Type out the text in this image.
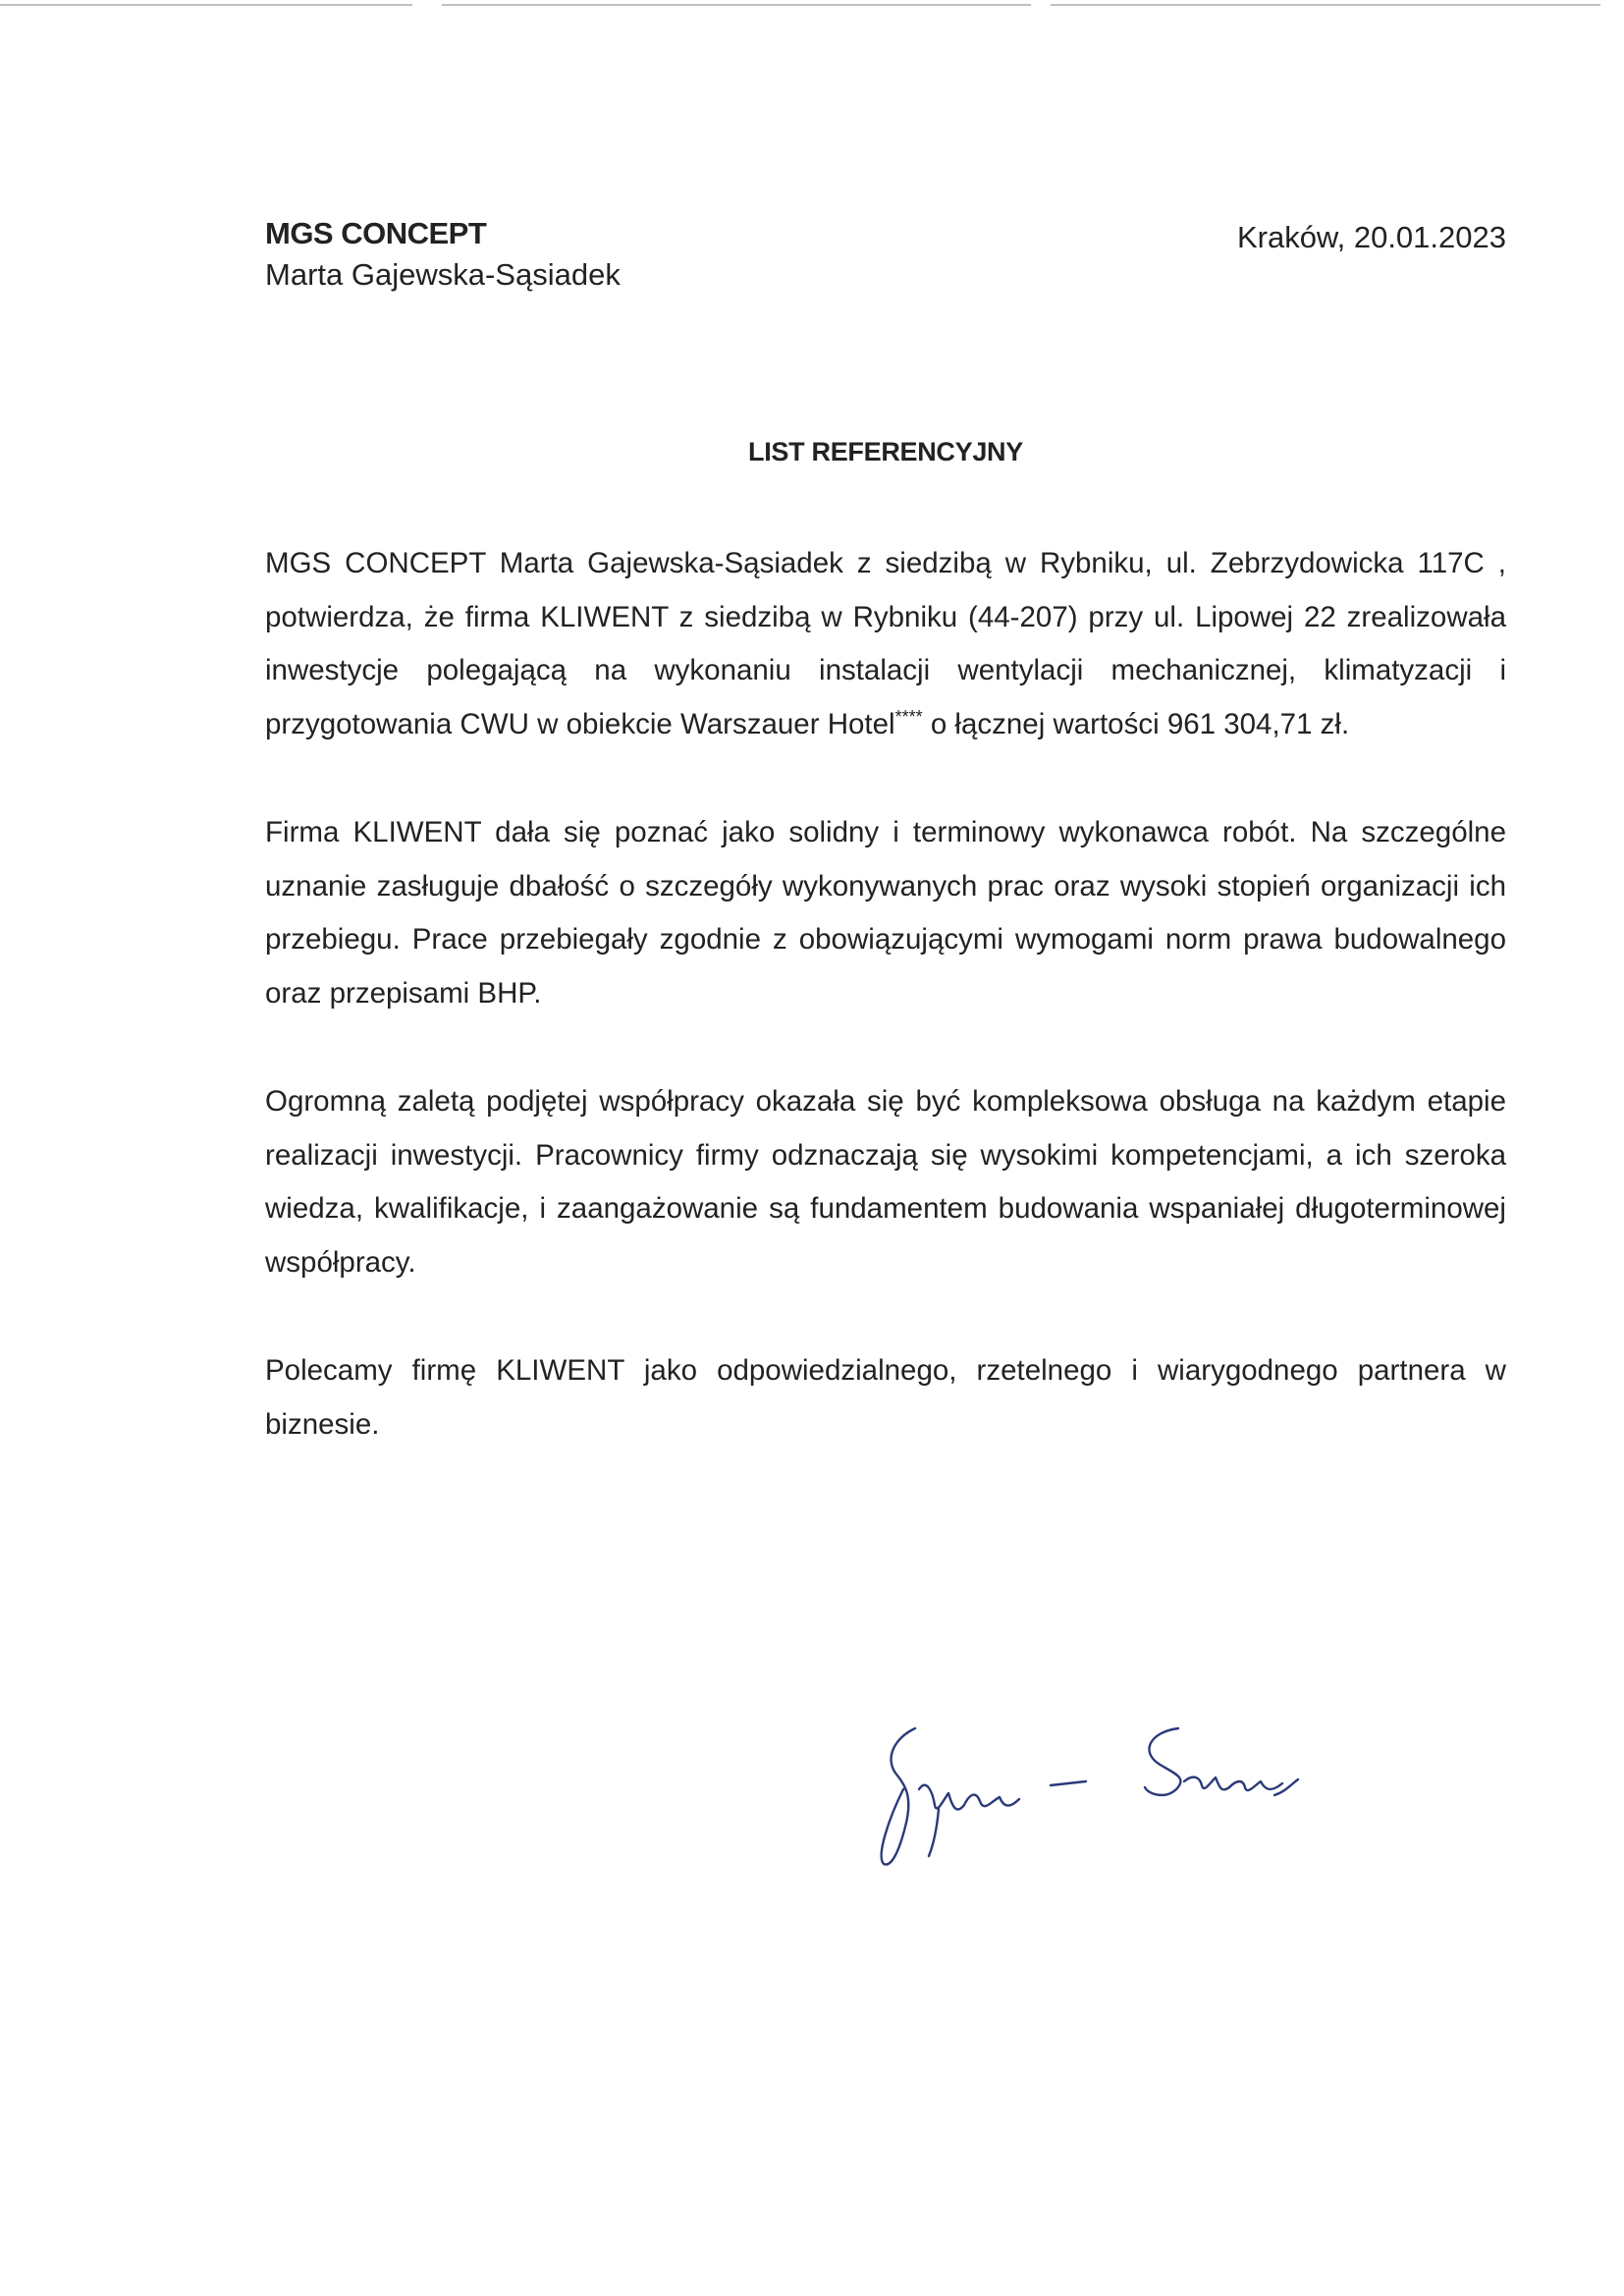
MGS CONCEPT
Marta Gajewska-Sąsiadek
Kraków, 20.01.2023
LIST REFERENCYJNY

MGS CONCEPT Marta Gajewska-Sąsiadek z siedzibą w Rybniku, ul. Zebrzydowicka 117C , potwierdza, że firma KLIWENT z siedzibą w Rybniku (44-207) przy ul. Lipowej 22 zrealizowała inwestycje polegającą na wykonaniu instalacji wentylacji mechanicznej, klimatyzacji i przygotowania CWU w obiekcie Warszauer Hotel**** o łącznej wartości 961 304,71 zł.

Firma KLIWENT dała się poznać jako solidny i terminowy wykonawca robót. Na szczególne uznanie zasługuje dbałość o szczegóły wykonywanych prac oraz wysoki stopień organizacji ich przebiegu. Prace przebiegały zgodnie z obowiązującymi wymogami norm prawa budowalnego oraz przepisami BHP.

Ogromną zaletą podjętej współpracy okazała się być kompleksowa obsługa na każdym etapie realizacji inwestycji. Pracownicy firmy odznaczają się wysokimi kompetencjami, a ich szeroka wiedza, kwalifikacje, i zaangażowanie są fundamentem budowania wspaniałej długoterminowej współpracy.

Polecamy firmę KLIWENT jako odpowiedzialnego, rzetelnego i wiarygodnego partnera w biznesie.
